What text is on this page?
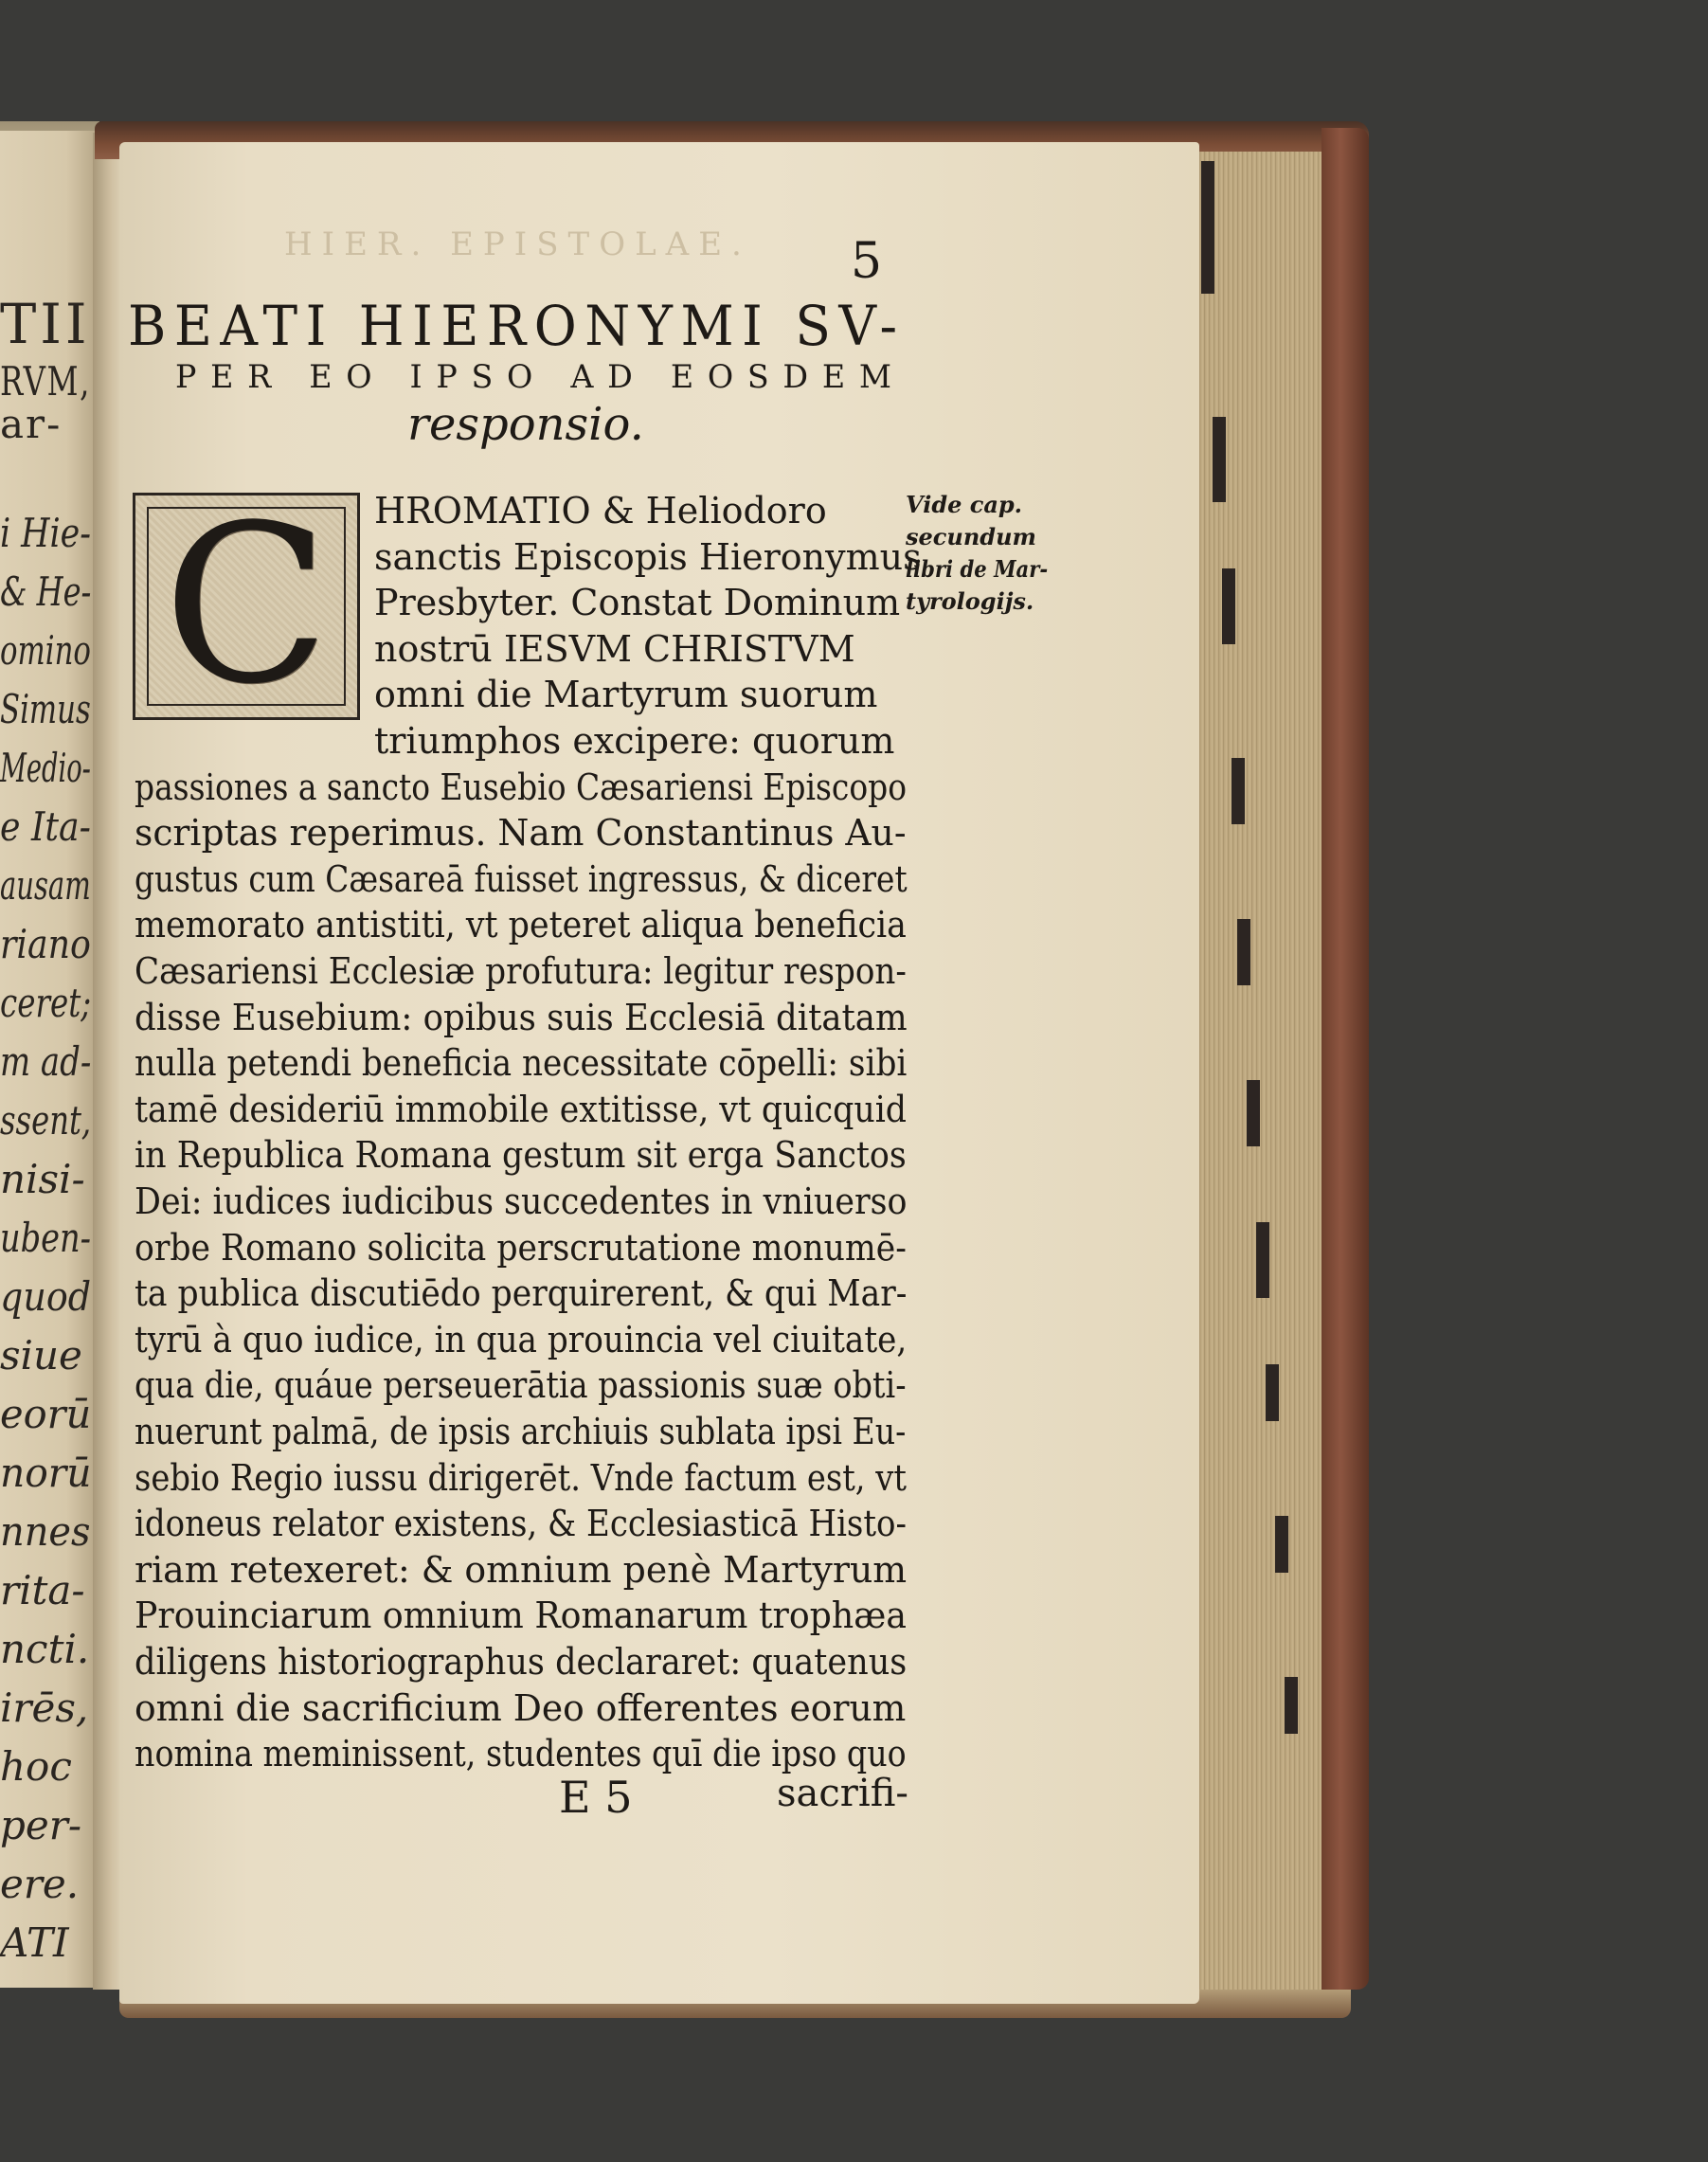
TII
RVM,
ar-
i Hie-
& He-
omino
Simus
Medio-
e Ita-
ausam
riano
ceret;
m ad-
ssent,
nisi-
uben-
quod
siue
eorū
norū
nnes
rita-
ncti.
irēs,
hoc
per-
ere.
ATI
HIER. EPISTOLAE. 5
BEATI HIERONYMI SV-
PER EO IPSO AD EOSDEM
responsio.
C HROMATIO & Heliodoro
sanctis Episcopis Hieronymus
Presbyter. Constat Dominum
nostrū IESVM CHRISTVM
omni die Martyrum suorum
triumphos excipere: quorum
passiones a sancto Eusebio Cæsariensi Episcopo
scriptas reperimus. Nam Constantinus Au-
gustus cum Cæsareā fuisset ingressus, & diceret
memorato antistiti, vt peteret aliqua beneficia
Cæsariensi Ecclesiæ profutura: legitur respon-
disse Eusebium: opibus suis Ecclesiā ditatam
nulla petendi beneficia necessitate cōpelli: sibi
tamē desideriū immobile extitisse, vt quicquid
in Republica Romana gestum sit erga Sanctos
Dei: iudices iudicibus succedentes in vniuerso
orbe Romano solicita perscrutatione monumē-
ta publica discutiēdo perquirerent, & qui Mar-
tyrū à quo iudice, in qua prouincia vel ciuitate,
qua die, quáue perseuerātia passionis suæ obti-
nuerunt palmā, de ipsis archiuis sublata ipsi Eu-
sebio Regio iussu dirigerēt. Vnde factum est, vt
idoneus relator existens, & Ecclesiasticā Histo-
riam retexeret: & omnium penè Martyrum
Prouinciarum omnium Romanarum trophæa
diligens historiographus declararet: quatenus
omni die sacrificium Deo offerentes eorum
nomina meminissent, studentes quī die ipso quo
Vide cap.
secundum
libri de Mar-
tyrologijs.
E 5	sacrifi-
